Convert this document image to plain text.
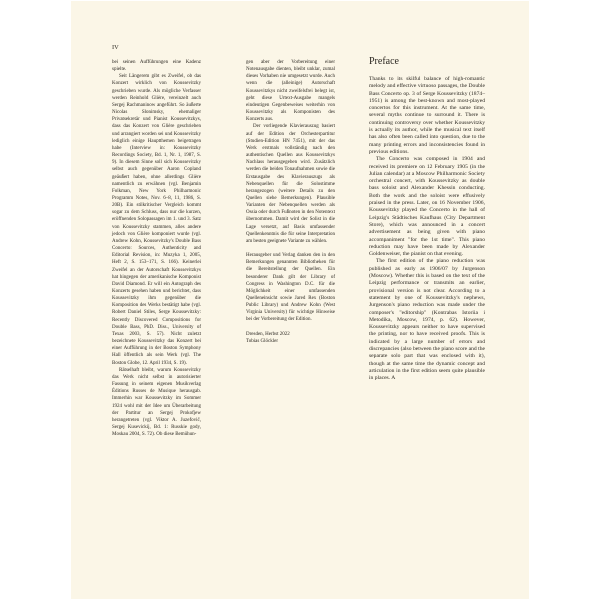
IV

bei seinen Aufführungen eine Kadenz spielte.

Seit Längerem gibt es Zweifel, ob das Konzert wirklich von Koussevitzky geschrieben wurde. Als mögliche Verfasser werden Reinhold Glière, vereinzelt auch Sergej Rachmaninow angeführt. So äußerte Nicolas Slonimsky, ehemaliger Privatsekretär und Pianist Koussevitzkys, dass das Konzert von Glière geschrieben und arrangiert worden sei und Koussevitzky lediglich einige Hauptthemen beigetragen habe (Interview in: Koussevitzky Recordings Society, Bd. 1, Nr. 1, 1987, S. 9). In diesem Sinne soll sich Koussevitzky selbst auch gegenüber Aaron Copland geäußert haben, ohne allerdings Glière namentlich zu erwähnen (vgl. Benjamin Folkman, New York Philharmonic Programm Notes, Nov. 6–8, 11, 1986, S. 20B). Ein stilkritischer Vergleich kommt sogar zu dem Schluss, dass nur die kurzen, eröffnenden Solopassagen im 1. und 3. Satz von Koussevitzky stammen, alles andere jedoch von Glière komponiert wurde (vgl. Andrew Kohn, Koussevitzky's Double Bass Concerto: Sources, Authenticity and Editorial Revision, in: Muzyka 1, 2005, Heft 2, S. 153–171, S. 166). Keinerlei Zweifel an der Autorschaft Koussevitzkys hat hingegen der amerikanische Komponist David Diamond. Er will ein Autograph des Konzerts gesehen haben und berichtet, dass Koussevitzky ihm gegenüber die Komposition des Werks bestätigt habe (vgl. Robert Daniel Stiles, Serge Koussevitzky: Recently Discovered Compositions for Double Bass, PhD. Diss., University of Texas 2003, S. 57). Nicht zuletzt bezeichnete Koussevitzky das Konzert bei einer Aufführung in der Boston Symphony Hall öffentlich als sein Werk (vgl. The Boston Globe, 12. April 1934, S. 19).

Rätselhaft bleibt, warum Koussevitzky das Werk nicht selbst in autorisierter Fassung in seinem eigenen Musikverlag Éditions Russes de Musique herausgab. Immerhin war Koussevitzky im Sommer 1924 wohl mit der Idee um Überarbeitung der Partitur an Sergej Prokofjew herangetreten (vgl. Viktor A. Juzefovič, Sergej Kusevickij, Bd. 1: Russkie gody, Moskau 2004, S. 72). Ob diese Bemühun-

gen aber der Vorbereitung einer Notenausgabe dienten, bleibt unklar, zumal dieses Vorhaben nie umgesetzt wurde. Auch wenn die (alleinige) Autorschaft Koussevitzkys nicht zweifelsfrei belegt ist, geht diese Urtext-Ausgabe mangels eindeutigen Gegenbeweises weiterhin von Koussevitzky als Komponisten des Konzerts aus.

Der vorliegende Klavierauszug basiert auf der Edition der Orchesterpartitur (Studien-Edition HN 7451), mit der das Werk erstmals vollständig nach den authentischen Quellen aus Koussevitzkys Nachlass herausgegeben wird. Zusätzlich werden die beiden Tonaufnahmen sowie die Erstausgabe des Klavierauszugs als Nebenquellen für die Solostimme herangezogen (weitere Details zu den Quellen siehe Bemerkungen). Plausible Varianten der Nebenquellen werden als Ossia oder durch Fußnoten in den Notentext übernommen. Damit wird der Solist in die Lage versetzt, auf Basis umfassender Quellenkenntnis die für seine Interpretation am besten geeignete Variante zu wählen.

Herausgeber und Verlag danken den in den Bemerkungen genannten Bibliotheken für die Bereitstellung der Quellen. Ein besonderer Dank gilt der Library of Congress in Washington D.C. für die Möglichkeit einer umfassenden Quelleneinsicht sowie Jared Rex (Boston Public Library) und Andrew Kohn (West Virginia University) für wichtige Hinweise bei der Vorbereitung der Edition.

Dresden, Herbst 2022

Tobias Glöckler

Preface

Thanks to its skilful balance of high-romantic melody and effective virtuoso passages, the Double Bass Concerto op. 3 of Serge Koussevitzky (1874–1951) is among the best-known and most-played concertos for this instrument. At the same time, several myths continue to surround it. There is continuing controversy over whether Koussevitzky is actually its author, while the musical text itself has also often been called into question, due to the many printing errors and inconsistencies found in previous editions.

The Concerto was composed in 1904 and received its premiere on 12 February 1905 (in the Julian calendar) at a Moscow Philharmonic Society orchestral concert, with Koussevitzky as double bass soloist and Alexander Khessin conducting. Both the work and the soloist were effusively praised in the press. Later, on 16 November 1906, Koussevitzky played the Concerto in the hall of Leipzig's Städtisches Kaufhaus (City Department Store), which was announced in a concert advertisement as being given with piano accompaniment "for the 1st time". This piano reduction may have been made by Alexander Goldenweiser, the pianist on that evening.

The first edition of the piano reduction was published as early as 1906/07 by Jurgenson (Moscow). Whether this is based on the text of the Leipzig performance or transmits an earlier, provisional version is not clear. According to a statement by one of Koussevitzky's nephews, Jurgenson's piano reduction was made under the composer's "editorship" (Kontrabas Istoriia i Metodika, Moscow, 1974, p. 62). However, Koussevitzky appears neither to have supervised the printing, nor to have received proofs. This is indicated by a large number of errors and discrepancies (also between the piano score and the separate solo part that was enclosed with it), though at the same time the dynamic concept and articulation in the first edition seem quite plausible in places. A
